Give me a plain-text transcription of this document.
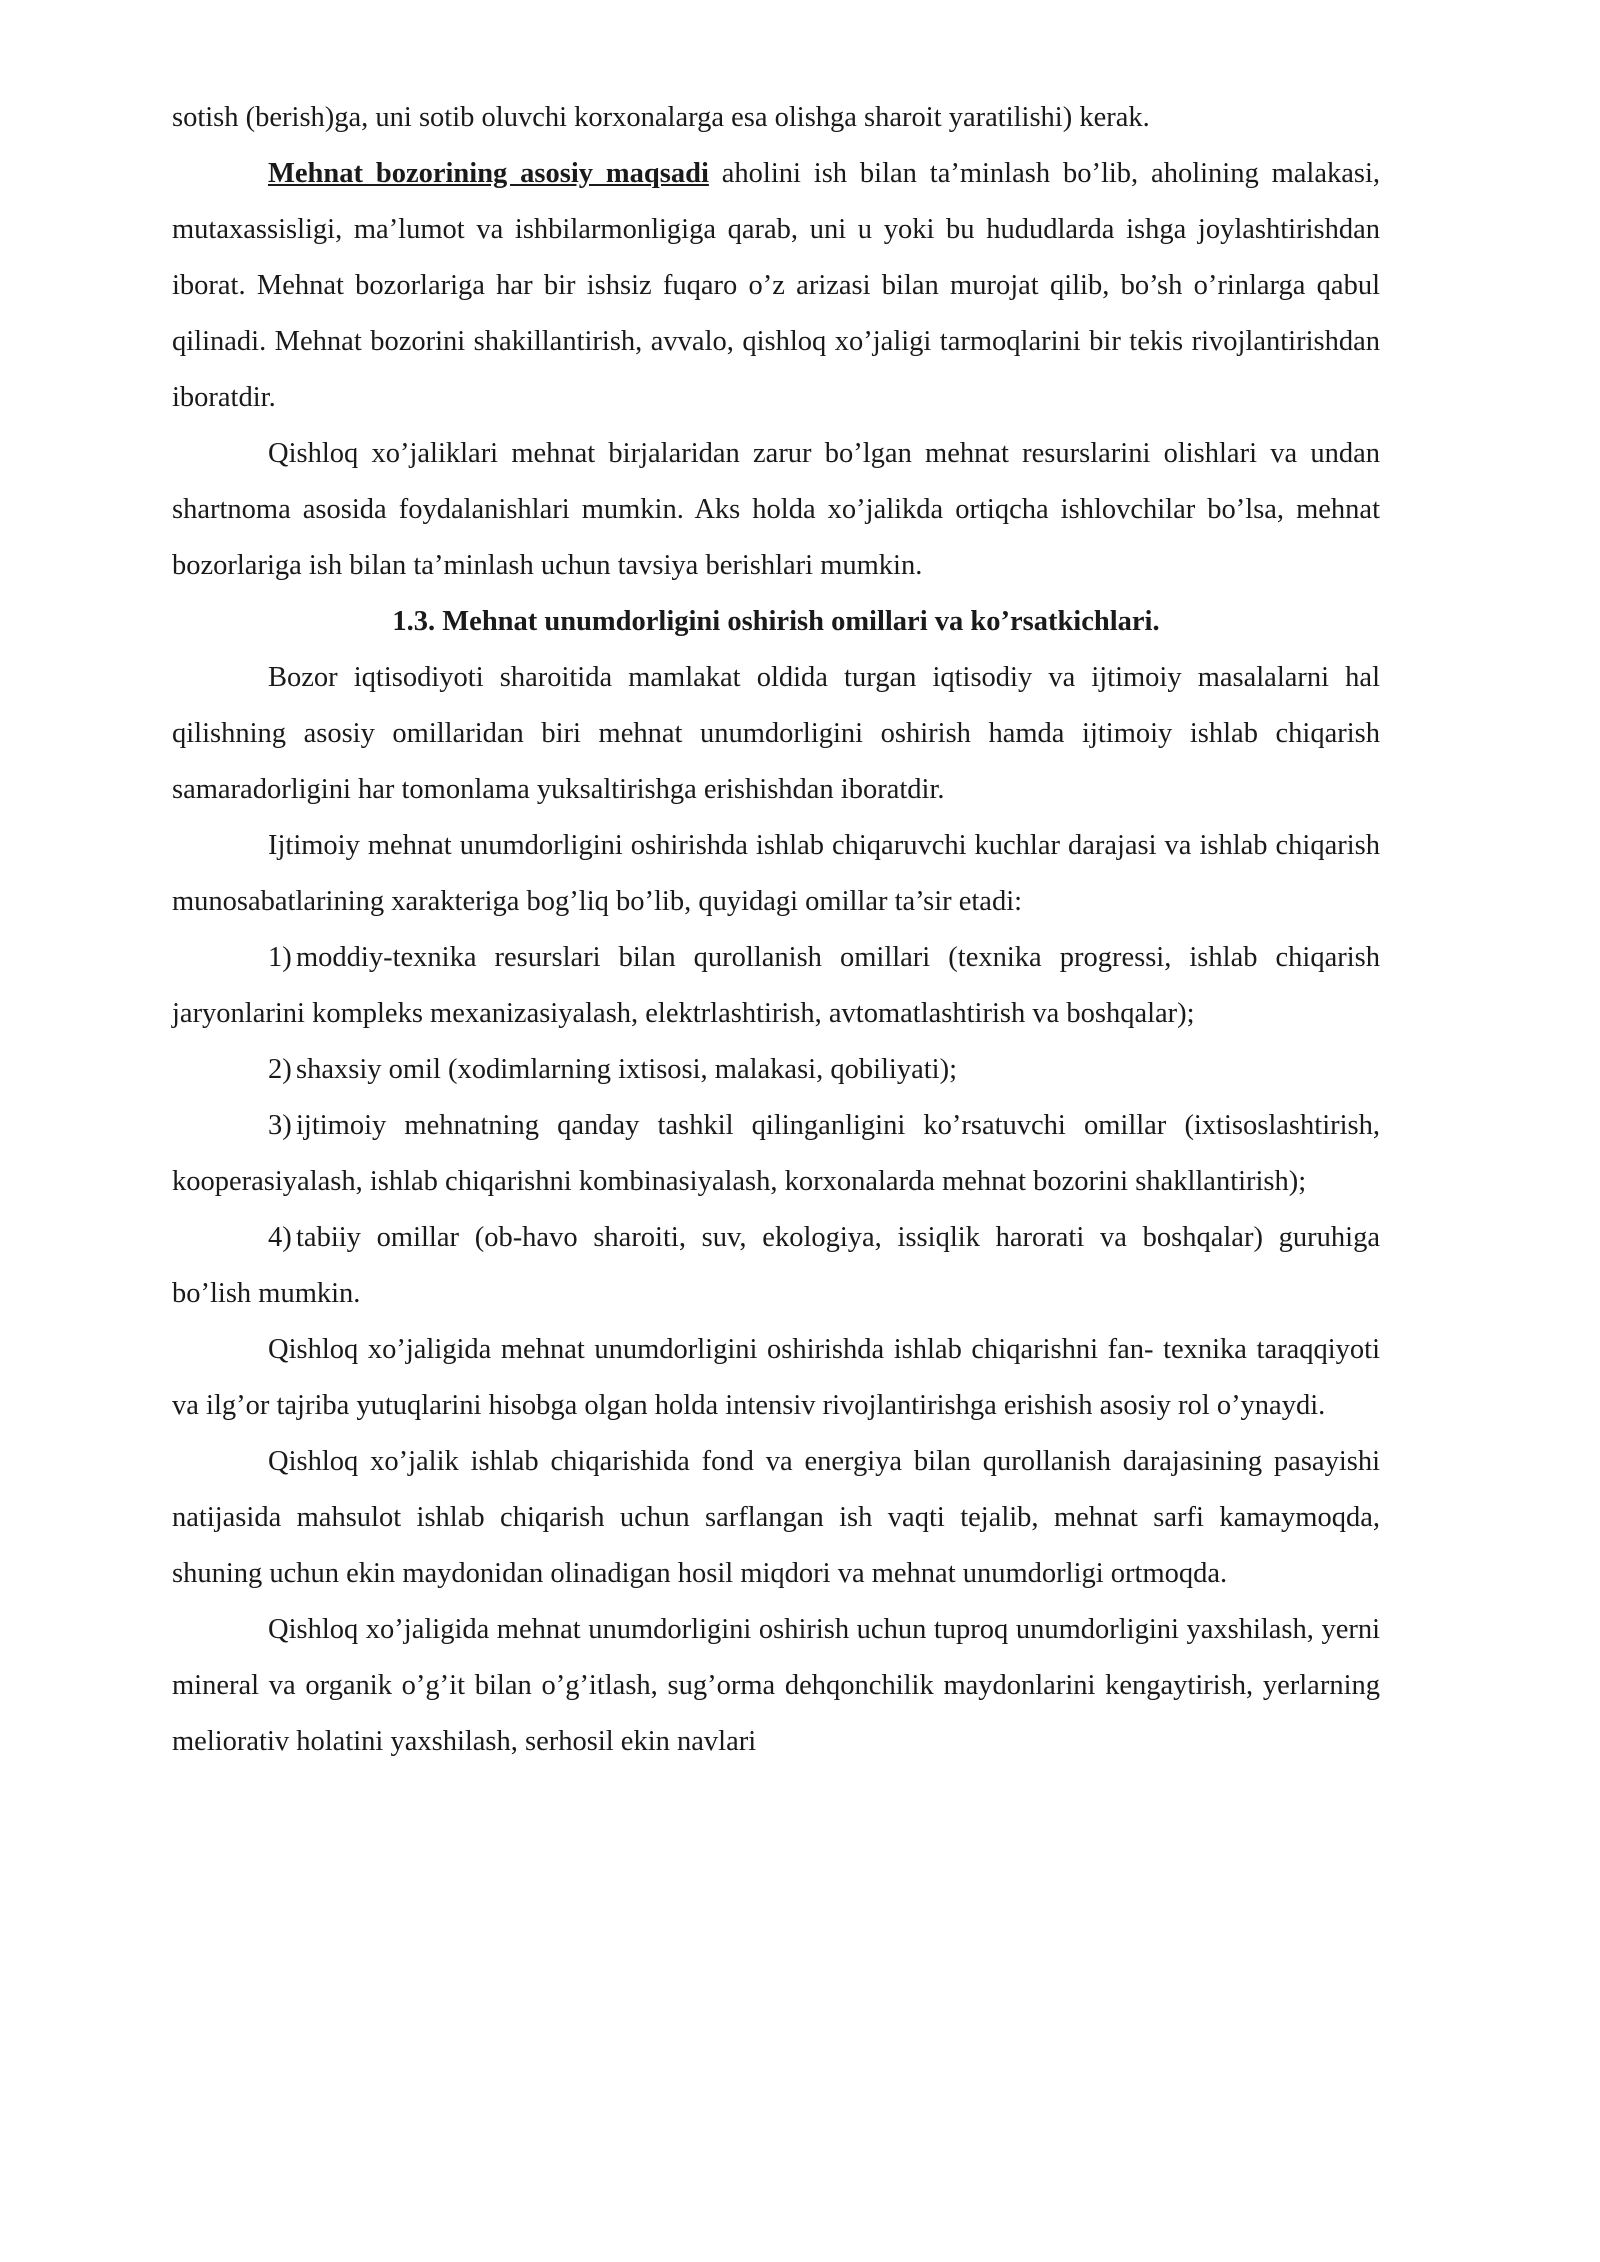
sotish (berish)ga, uni sotib oluvchi korxonalarga esa olishga sharoit yaratilishi) kerak.

Mehnat bozorining asosiy maqsadi aholini ish bilan ta’minlash bo’lib, aholining malakasi, mutaxassisligi, ma’lumot va ishbilarmonligiga qarab, uni u yoki bu hududlarda ishga joylashtirishdan iborat. Mehnat bozorlariga har bir ishsiz fuqaro o’z arizasi bilan murojat qilib, bo’sh o’rinlarga qabul qilinadi. Mehnat bozorini shakillantirish, avvalo, qishloq xo’jaligi tarmoqlarini bir tekis rivojlantirishdan iboratdir.

Qishloq xo’jaliklari mehnat birjalaridan zarur bo’lgan mehnat resurslarini olishlari va undan shartnoma asosida foydalanishlari mumkin. Aks holda xo’jalikda ortiqcha ishlovchilar bo’lsa, mehnat bozorlariga ish bilan ta’minlash uchun tavsiya berishlari mumkin.

1.3. Mehnat unumdorligini oshirish omillari va ko’rsatkichlari.

Bozor iqtisodiyoti sharoitida mamlakat oldida turgan iqtisodiy va ijtimoiy masalalarni hal qilishning asosiy omillaridan biri mehnat unumdorligini oshirish hamda ijtimoiy ishlab chiqarish samaradorligini har tomonlama yuksaltirishga erishishdan iboratdir.

Ijtimoiy mehnat unumdorligini oshirishda ishlab chiqaruvchi kuchlar darajasi va ishlab chiqarish munosabatlarining xarakteriga bog’liq bo’lib, quyidagi omillar ta’sir etadi:

1) moddiy-texnika resurslari bilan qurollanish omillari (texnika progressi, ishlab chiqarish jaryonlarini kompleks mexanizasiyalash, elektrlashtirish, avtomatlashtirish va boshqalar);

2) shaxsiy omil (xodimlarning ixtisosi, malakasi, qobiliyati);

3) ijtimoiy mehnatning qanday tashkil qilinganligini ko’rsatuvchi omillar (ixtisoslashtirish, kooperasiyalash, ishlab chiqarishni kombinasiyalash, korxonalarda mehnat bozorini shakllantirish);

4) tabiiy omillar (ob-havo sharoiti, suv, ekologiya, issiqlik harorati va boshqalar) guruhiga bo’lish mumkin.

Qishloq xo’jaligida mehnat unumdorligini oshirishda ishlab chiqarishni fan- texnika taraqqiyoti va ilg’or tajriba yutuqlarini hisobga olgan holda intensiv rivojlantirishga erishish asosiy rol o’ynaydi.

Qishloq xo’jalik ishlab chiqarishida fond va energiya bilan qurollanish darajasining pasayishi natijasida mahsulot ishlab chiqarish uchun sarflangan ish vaqti tejalib, mehnat sarfi kamaymoqda, shuning uchun ekin maydonidan olinadigan hosil miqdori va mehnat unumdorligi ortmoqda.

Qishloq xo’jaligida mehnat unumdorligini oshirish uchun tuproq unumdorligini yaxshilash, yerni mineral va organik o’g’it bilan o’g’itlash, sug’orma dehqonchilik maydonlarini kengaytirish, yerlarning meliorativ holatini yaxshilash, serhosil ekin navlari
